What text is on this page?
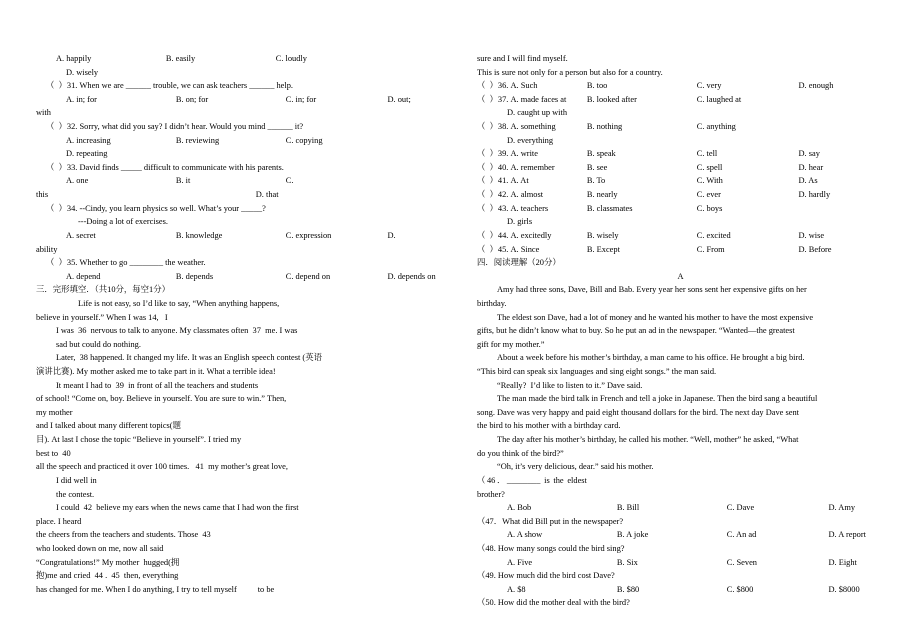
A. happily	B. easily	C. loudly

D. wisely

（  ）31. When we are ______ trouble, we can ask teachers ______ help.

A. in; for	B. on; for	C. in; for	D. out;

with

（  ）32. Sorry, what did you say? I didn’t hear. Would you mind ______ it?

A. increasing	B. reviewing	C. copying

D. repeating

（  ）33. David finds _____ difficult to communicate with his parents.

A. one	B. it	C.

this	D. that

（  ）34. --Cindy, you learn physics so well. What’s your _____?

---Doing a lot of exercises.

A. secret	B. knowledge	C. expression	D.

ability

（  ）35. Whether to go ________ the weather.

A. depend	B. depends	C. depend on	D. depends on

三．完形填空．（共10分，每空1分）

Life is not easy, so I’d like to say, “When anything happens,

believe in yourself.” When I was 14,   I

I was  36  nervous to talk to anyone. My classmates often  37  me. I was

sad but could do nothing.

Later,  38 happened. It changed my life. It was an English speech contest (英语

演讲比赛). My mother asked me to take part in it. What a terrible idea!

It meant I had to  39  in front of all the teachers and students

of school! “Come on, boy. Believe in yourself. You are sure to win.” Then,

my mother

and I talked about many different topics(题

目). At last I chose the topic “Believe in yourself”. I tried my

best to  40

all the speech and practiced it over 100 times.   41  my mother’s great love,

I did well in

the contest.

I could  42  believe my ears when the news came that I had won the first

place. I heard

the cheers from the teachers and students. Those  43

who looked down on me, now all said

“Congratulations!” My mother  hugged(拥

抱)me and cried  44 .  45  then, everything

has changed for me. When I do anything, I try to tell myself          to be

sure and I will find myself.

This is sure not only for a person but also for a country.

（  ）36. A. Such	B. too	C. very	D. enough

（  ）37. A. made faces at	B. looked after	C. laughed at

D. caught up with

（  ）38. A. something	B. nothing	C. anything

D. everything

（  ）39. A. write	B. speak	C. tell	D. say

（  ）40. A. remember	B. see	C. spell	D. hear

（  ）41. A. At	B. To	C. With	D. As

（  ）42. A. almost	B. nearly	C. ever	D. hardly

（  ）43. A. teachers	B. classmates	C. boys

D. girls

（  ）44. A. excitedly	B. wisely	C. excited	D. wise

（  ）45. A. Since	B. Except	C. From	D. Before

四．阅读理解（20分）

A

Amy had three sons, Dave, Bill and Bab. Every year her sons sent her expensive gifts on her

birthday.

The eldest son Dave, had a lot of money and he wanted his mother to have the most expensive

gifts, but he didn’t know what to buy. So he put an ad in the newspaper. “Wanted—the greatest

gift for my mother.”

About a week before his mother’s birthday, a man came to his office. He brought a big bird.

“This bird can speak six languages and sing eight songs.” the man said.

“Really?  I’d like to listen to it.” Dave said.

The man made the bird talk in French and tell a joke in Japanese. Then the bird sang a beautiful

song. Dave was very happy and paid eight thousand dollars for the bird. The next day Dave sent

the bird to his mother with a birthday card.

The day after his mother’s birthday, he called his mother. “Well, mother” he asked, “What

do you think of the bird?”

“Oh, it’s very delicious, dear.” said his mother.

（46．________ is the eldest brother?

A. Bob	B. Bill	C. Dave	D. Amy

（47．What did Bill put in the newspaper?

A. A show	B. A joke	C. An ad	D. A report

（48. How many songs could the bird sing?

A. Five	B. Six	C. Seven	D. Eight

（49. How much did the bird cost Dave?

A. $8	B. $80	C. $800	D. $8000

（50. How did the mother deal with the bird?
